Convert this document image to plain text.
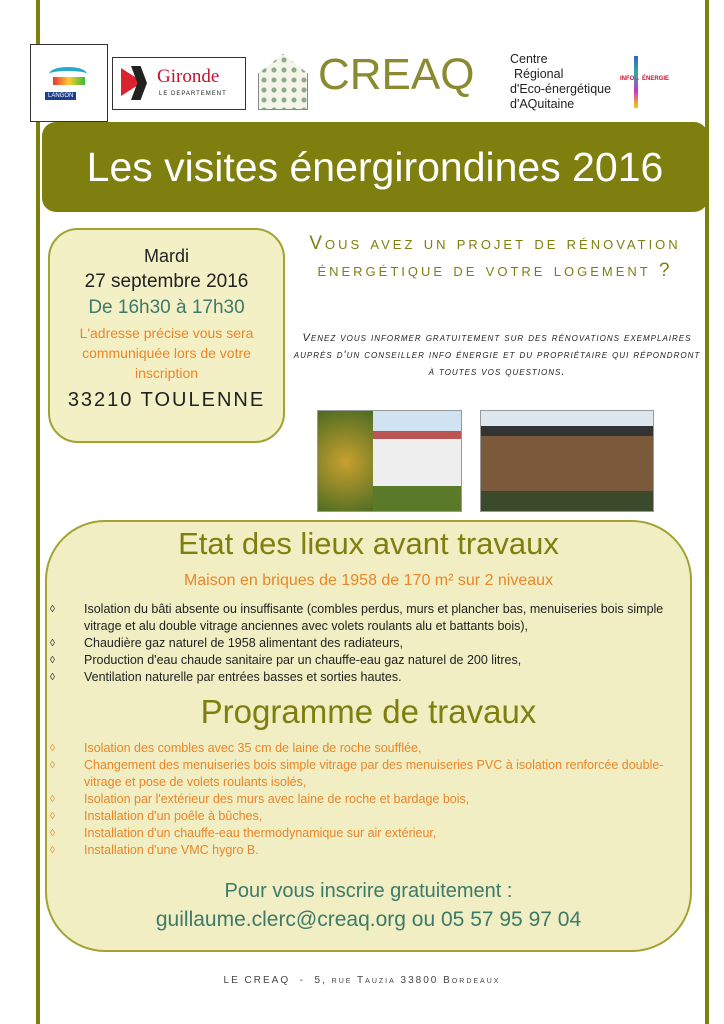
LANGON
Gironde
LE DEPARTEMENT CREAQ	Centre
Régional
d'Eco-énergétique
d'AQuitaine
INFO→ ÉNERGIE
Les visites énergirondines 2016
Mardi
27 septembre 2016
De 16h30 à 17h30
L'adresse précise vous sera communiquée lors de votre inscription
33210 TOULENNE
Vous avez un projet de rénovation énergétique de votre logement ?
Venez vous informer gratuitement sur des rénovations exemplaires auprès d'un conseiller info énergie et du propriétaire qui répondront à toutes vos questions.
Etat des lieux avant travaux
Maison en briques de 1958 de 170 m² sur 2 niveaux
◊ Isolation du bâti absente ou insuffisante (combles perdus, murs et plancher bas, menuiseries bois simple vitrage et alu double vitrage anciennes avec volets roulants alu et battants bois),
◊ Chaudière gaz naturel de 1958 alimentant des radiateurs,
◊ Production d'eau chaude sanitaire par un chauffe-eau gaz naturel de 200 litres,
◊ Ventilation naturelle par entrées basses et sorties hautes.
Programme de travaux
◊ Isolation des combles avec 35 cm de laine de roche soufflée,
◊ Changement des menuiseries bois simple vitrage par des menuiseries PVC à isolation renforcée double-vitrage et pose de volets roulants isolés,
◊ Isolation par l'extérieur des murs avec laine de roche et bardage bois,
◊ Installation d'un poêle à bûches,
◊ Installation d'un chauffe-eau thermodynamique sur air extérieur,
◊ Installation d'une VMC hygro B.
Pour vous inscrire gratuitement :
guillaume.clerc@creaq.org ou 05 57 95 97 04
LE CREAQ  -  5, rue Tauzia 33800 Bordeaux
